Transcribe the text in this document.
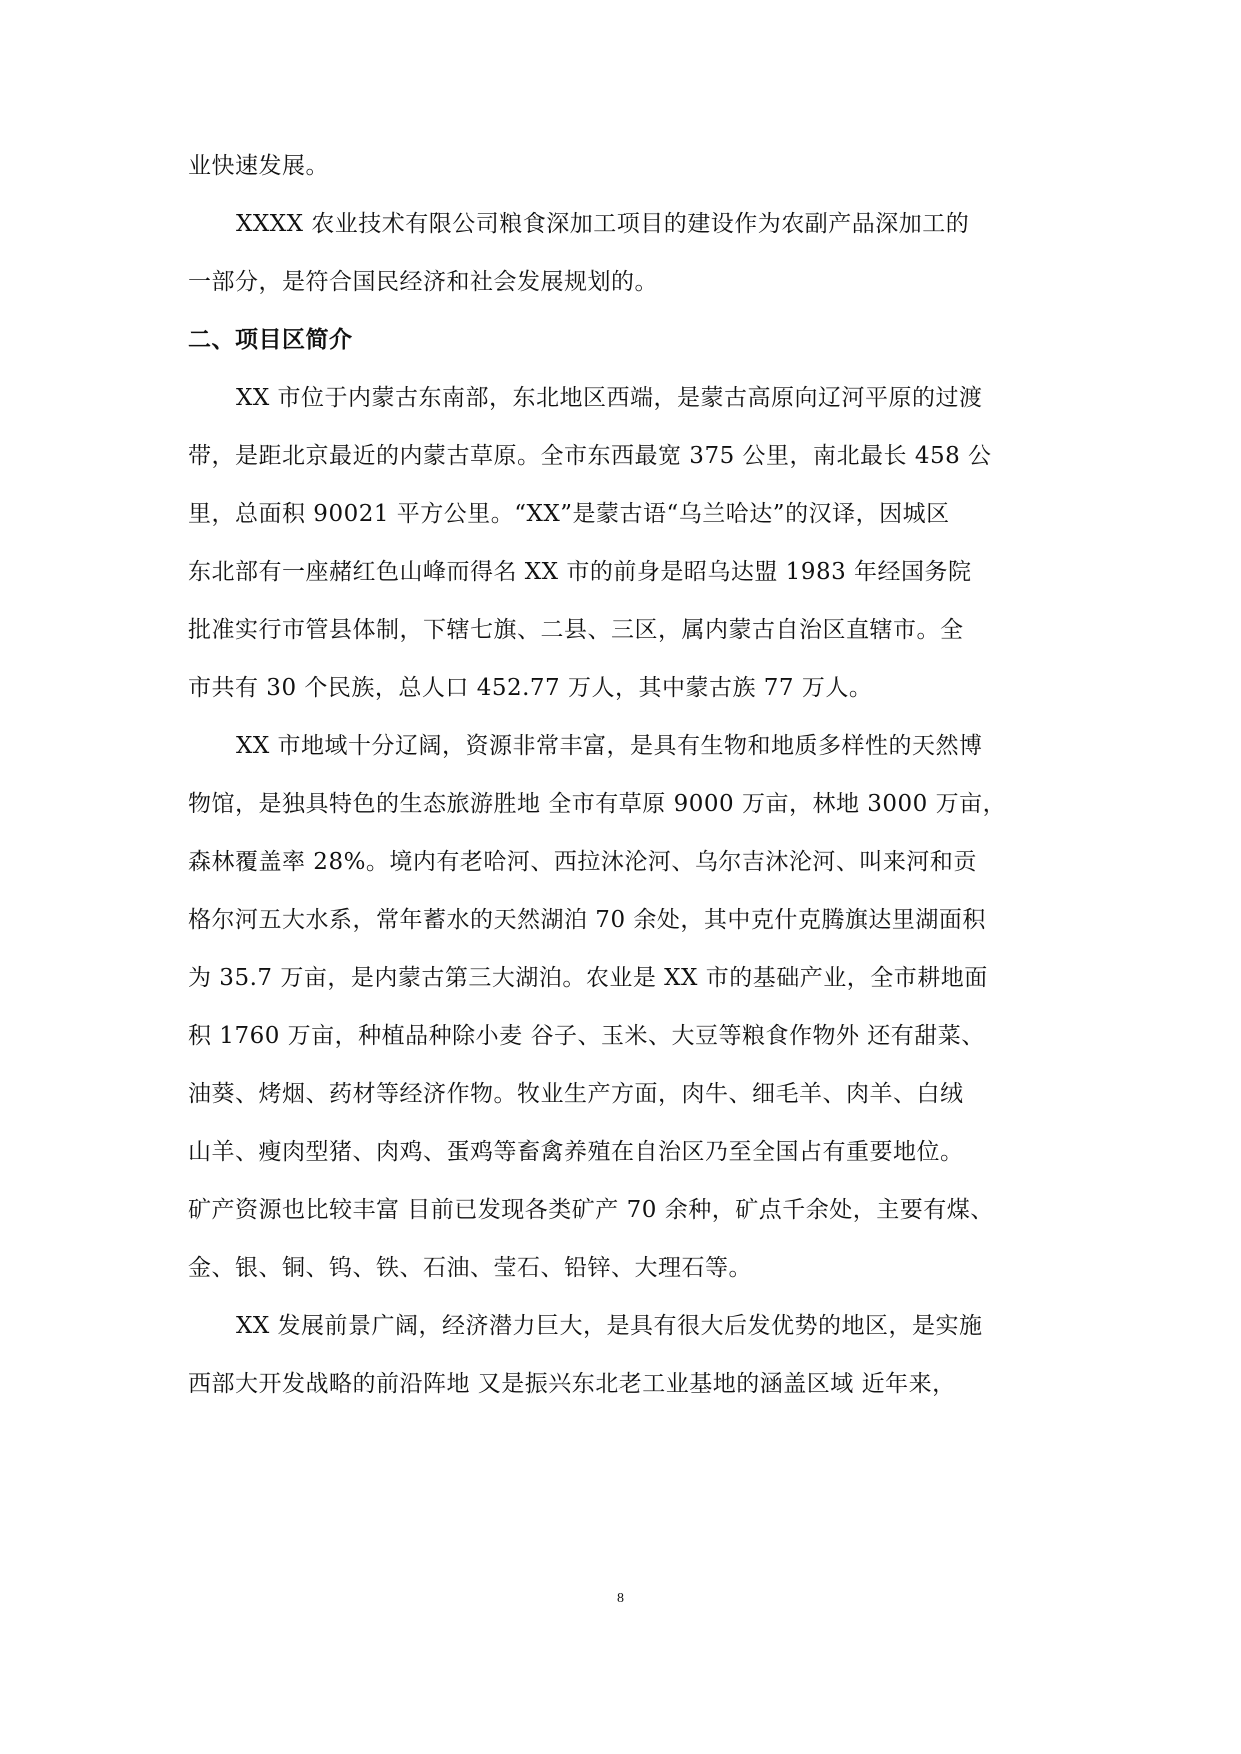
业快速发展。
XXXX 农业技术有限公司粮食深加工项目的建设作为农副产品深加工的
一部分，是符合国民经济和社会发展规划的。
二、项目区简介
XX 市位于内蒙古东南部，东北地区西端，是蒙古高原向辽河平原的过渡
带，是距北京最近的内蒙古草原。全市东西最宽 375 公里，南北最长 458 公
里，总面积 90021 平方公里。“XX”是蒙古语“乌兰哈达”的汉译，因城区
东北部有一座赭红色山峰而得名 XX 市的前身是昭乌达盟 1983 年经国务院
批准实行市管县体制，下辖七旗、二县、三区，属内蒙古自治区直辖市。全
市共有 30 个民族，总人口 452.77 万人，其中蒙古族 77 万人。
XX 市地域十分辽阔，资源非常丰富，是具有生物和地质多样性的天然博
物馆，是独具特色的生态旅游胜地 全市有草原 9000 万亩，林地 3000 万亩，
森林覆盖率 28%。境内有老哈河、西拉沐沦河、乌尔吉沐沦河、叫来河和贡
格尔河五大水系，常年蓄水的天然湖泊 70 余处，其中克什克腾旗达里湖面积
为 35.7 万亩，是内蒙古第三大湖泊。农业是 XX 市的基础产业，全市耕地面
积 1760 万亩，种植品种除小麦 谷子、玉米、大豆等粮食作物外 还有甜菜、
油葵、烤烟、药材等经济作物。牧业生产方面，肉牛、细毛羊、肉羊、白绒
山羊、瘦肉型猪、肉鸡、蛋鸡等畜禽养殖在自治区乃至全国占有重要地位。
矿产资源也比较丰富 目前已发现各类矿产 70 余种，矿点千余处，主要有煤、
金、银、铜、钨、铁、石油、莹石、铅锌、大理石等。
XX 发展前景广阔，经济潜力巨大，是具有很大后发优势的地区，是实施
西部大开发战略的前沿阵地 又是振兴东北老工业基地的涵盖区域 近年来，
8
